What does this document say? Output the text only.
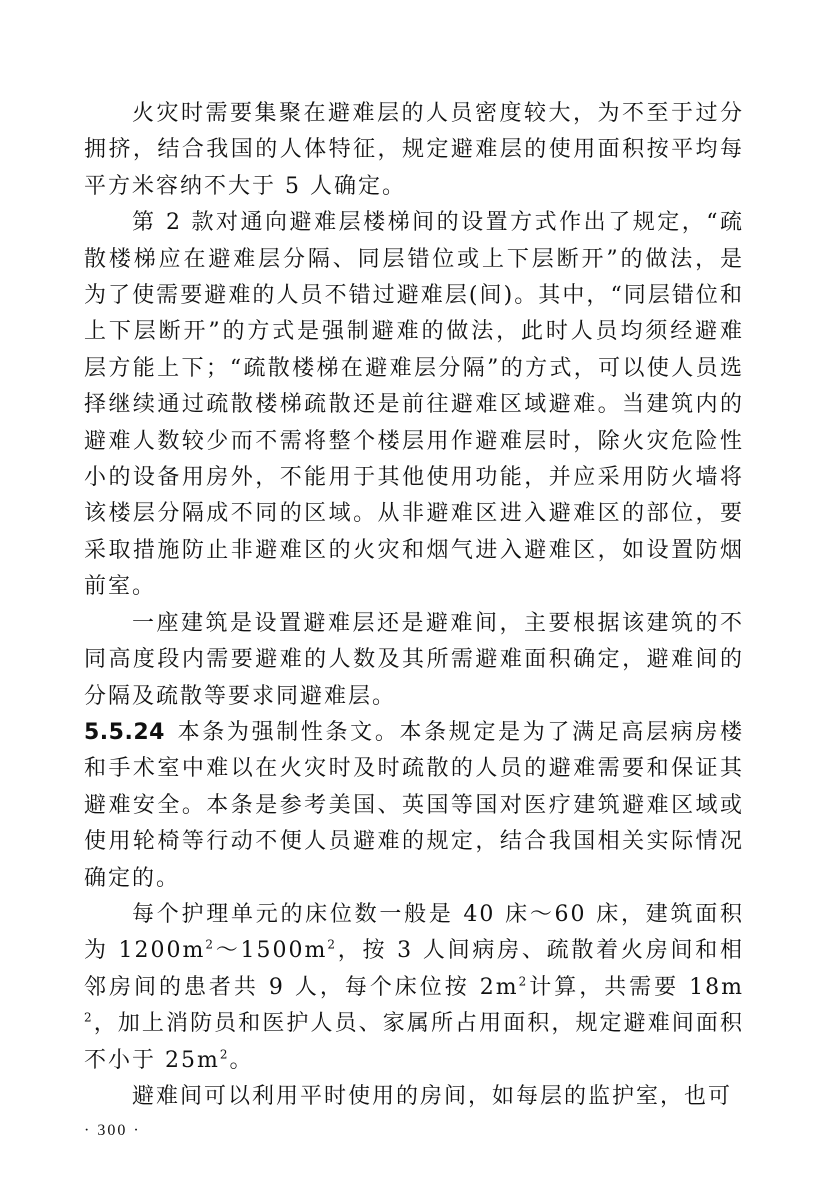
火灾时需要集聚在避难层的人员密度较大，为不至于过分拥挤，结合我国的人体特征，规定避难层的使用面积按平均每平方米容纳不大于 5 人确定。

第 2 款对通向避难层楼梯间的设置方式作出了规定，“疏散楼梯应在避难层分隔、同层错位或上下层断开”的做法，是为了使需要避难的人员不错过避难层(间)。其中，“同层错位和上下层断开”的方式是强制避难的做法，此时人员均须经避难层方能上下；“疏散楼梯在避难层分隔”的方式，可以使人员选择继续通过疏散楼梯疏散还是前往避难区域避难。当建筑内的避难人数较少而不需将整个楼层用作避难层时，除火灾危险性小的设备用房外，不能用于其他使用功能，并应采用防火墙将该楼层分隔成不同的区域。从非避难区进入避难区的部位，要采取措施防止非避难区的火灾和烟气进入避难区，如设置防烟前室。

一座建筑是设置避难层还是避难间，主要根据该建筑的不同高度段内需要避难的人数及其所需避难面积确定，避难间的分隔及疏散等要求同避难层。

5.5.24 本条为强制性条文。本条规定是为了满足高层病房楼和手术室中难以在火灾时及时疏散的人员的避难需要和保证其避难安全。本条是参考美国、英国等国对医疗建筑避难区域或使用轮椅等行动不便人员避难的规定，结合我国相关实际情况确定的。

每个护理单元的床位数一般是 40 床～60 床，建筑面积为 $1200m^2\sim 1500m^2$，按 3 人间病房、疏散着火房间和相邻房间的患者共 9 人，每个床位按 $2m^2$计算，共需要 $18m^2$，加上消防员和医护人员、家属所占用面积，规定避难间面积不小于 $25m^2$。

避难间可以利用平时使用的房间，如每层的监护室，也可

· 300 ·
